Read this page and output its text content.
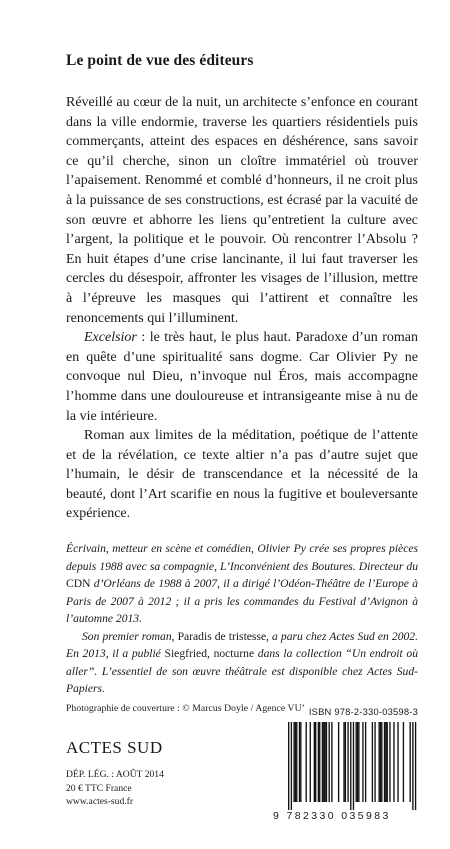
Le point de vue des éditeurs

Réveillé au cœur de la nuit, un architecte s’enfonce en courant dans la ville endormie, traverse les quartiers résidentiels puis commerçants, atteint des espaces en déshérence, sans savoir ce qu’il cherche, sinon un cloître immatériel où trouver l’apaisement. Renommé et comblé d’honneurs, il ne croit plus à la puissance de ses constructions, est écrasé par la vacuité de son œuvre et abhorre les liens qu’entretient la culture avec l’argent, la politique et le pouvoir. Où rencontrer l’Absolu ? En huit étapes d’une crise lancinante, il lui faut traverser les cercles du désespoir, affronter les visages de l’illusion, mettre à l’épreuve les masques qui l’attirent et connaître les renoncements qui l’illuminent.

Excelsior : le très haut, le plus haut. Paradoxe d’un roman en quête d’une spiritualité sans dogme. Car Olivier Py ne convoque nul Dieu, n’invoque nul Éros, mais accompagne l’homme dans une douloureuse et intransigeante mise à nu de la vie intérieure.

Roman aux limites de la méditation, poétique de l’attente et de la révélation, ce texte altier n’a pas d’autre sujet que l’humain, le désir de transcendance et la nécessité de la beauté, dont l’Art scarifie en nous la fugitive et bouleversante expérience.

Écrivain, metteur en scène et comédien, Olivier Py crée ses propres pièces depuis 1988 avec sa compagnie, L’Inconvénient des Boutures. Directeur du CDN d’Orléans de 1988 à 2007, il a dirigé l’Odéon-Théâtre de l’Europe à Paris de 2007 à 2012 ; il a pris les commandes du Festival d’Avignon à l’automne 2013.

Son premier roman, Paradis de tristesse, a paru chez Actes Sud en 2002. En 2013, il a publié Siegfried, nocturne dans la collection “Un endroit où aller”. L’essentiel de son œuvre théâtrale est disponible chez Actes Sud-Papiers.

Photographie de couverture : © Marcus Doyle / Agence VU’
ACTES SUD
DÉP. LÉG. : AOÛT 2014
20 € TTC France
www.actes-sud.fr
ISBN 978-2-330-03598-3
9 782330 035983
